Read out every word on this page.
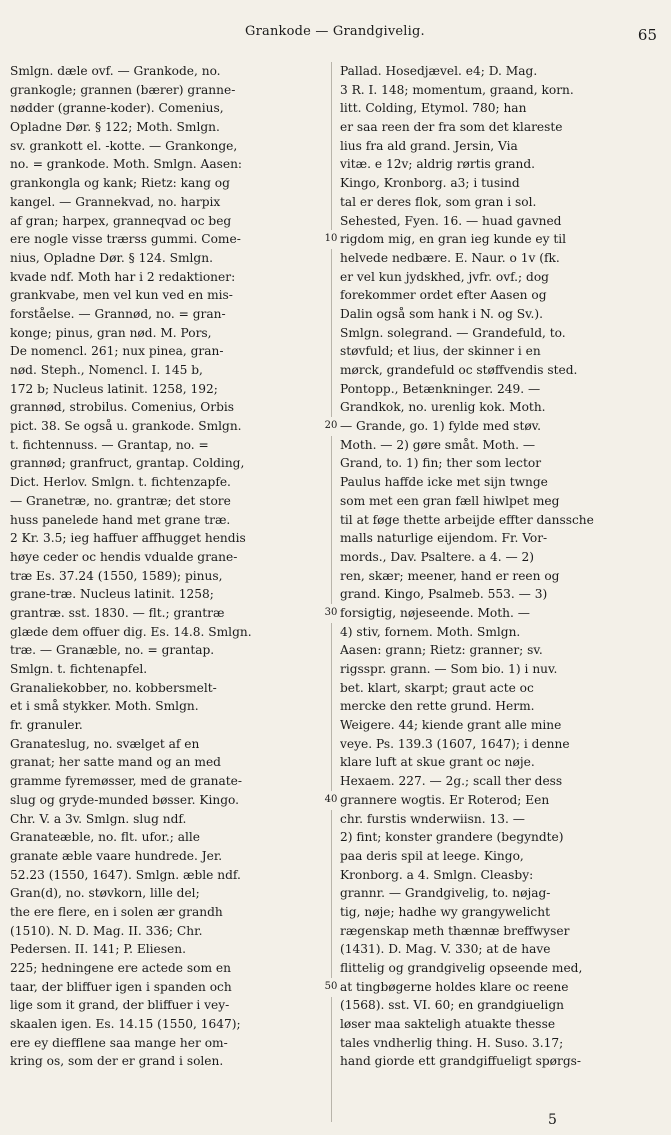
Grankode — Grandgivelig.	65
Smlgn. dæle ovf. — Grankode, no.
grankogle; grannen (bærer) granne-
nødder (granne-koder). Comenius,
Opladne Dør. § 122; Moth. Smlgn.
sv. grankott el. -kotte. — Grankonge,
no. = grankode. Moth. Smlgn. Aasen:
grankongla og kank; Rietz: kang og
kangel. — Grannekvad, no. harpix
af gran; harpex, granneqvad oc beg
ere nogle visse trærss gummi. Come-
nius, Opladne Dør. § 124. Smlgn.
kvade ndf. Moth har i 2 redaktioner:
grankvabe, men vel kun ved en mis-
forståelse. — Grannød, no. = gran-
konge; pinus, gran nød. M. Pors,
De nomencl. 261; nux pinea, gran-
nød. Steph., Nomencl. I. 145 b,
172 b; Nucleus latinit. 1258, 192;
grannød, strobilus. Comenius, Orbis
pict. 38. Se også u. grankode. Smlgn.
t. fichtennuss. — Grantap, no. =
grannød; granfruct, grantap. Colding,
Dict. Herlov. Smlgn. t. fichtenzapfe.
— Granetræ, no. grantræ; det store
huss panelede hand met grane træ.
2 Kr. 3.5; ieg haffuer affhugget hendis
høye ceder oc hendis vdualde grane-
træ Es. 37.24 (1550, 1589); pinus,
grane-træ. Nucleus latinit. 1258;
grantræ. sst. 1830. — flt.; grantræ
glæde dem offuer dig. Es. 14.8. Smlgn.
træ. — Granæble, no. = grantap.
Smlgn. t. fichtenapfel.
Granaliekobber, no. kobbersmelt-
et i små stykker. Moth. Smlgn.
fr. granuler.
Granateslug, no. svælget af en
granat; her satte mand og an med
gramme fyremøsser, med de granate-
slug og gryde-munded bøsser. Kingo.
Chr. V. a 3v. Smlgn. slug ndf.
Granateæble, no. flt. ufor.; alle
granate æble vaare hundrede. Jer.
52.23 (1550, 1647). Smlgn. æble ndf.
Gran(d), no. støvkorn, lille del;
the ere flere, en i solen ær grandh
(1510). N. D. Mag. II. 336; Chr.
Pedersen. II. 141; P. Eliesen.
225; hedningene ere actede som en
taar, der bliffuer igen i spanden och
lige som it grand, der bliffuer i vey-
skaalen igen. Es. 14.15 (1550, 1647);
ere ey diefflene saa mange her om-
kring os, som der er grand i solen.
10
20
30
40
50
Pallad. Hosedjævel. e4; D. Mag.
3 R. I. 148; momentum, graand, korn.
litt. Colding, Etymol. 780; han
er saa reen der fra som det klareste
lius fra ald grand. Jersin, Via
vitæ. e 12v; aldrig rørtis grand.
Kingo, Kronborg. a3; i tusind
tal er deres flok, som gran i sol.
Sehested, Fyen. 16. — huad gavned
rigdom mig, en gran ieg kunde ey til
helvede nedbære. E. Naur. o 1v (fk.
er vel kun jydskhed, jvfr. ovf.; dog
forekommer ordet efter Aasen og
Dalin også som hank i N. og Sv.).
Smlgn. solegrand. — Grandefuld, to.
støvfuld; et lius, der skinner i en
mørck, grandefuld oc støffvendis sted.
Pontopp., Betænkninger. 249. —
Grandkok, no. urenlig kok. Moth.
— Grande, go. 1) fylde med støv.
Moth. — 2) gøre småt. Moth. —
Grand, to. 1) fin; ther som lector
Paulus haffde icke met sijn twnge
som met een gran fæll hiwlpet meg
til at føge thette arbeijde effter danssche
malls naturlige eijendom. Fr. Vor-
mords., Dav. Psaltere. a 4. — 2)
ren, skær; meener, hand er reen og
grand. Kingo, Psalmeb. 553. — 3)
forsigtig, nøjeseende. Moth. —
4) stiv, fornem. Moth. Smlgn.
Aasen: grann; Rietz: granner; sv.
rigsspr. grann. — Som bio. 1) i nuv.
bet. klart, skarpt; graut acte oc
mercke den rette grund. Herm.
Weigere. 44; kiende grant alle mine
veye. Ps. 139.3 (1607, 1647); i denne
klare luft at skue grant oc nøje.
Hexaem. 227. — 2g.; scall ther dess
grannere wogtis. Er Roterod; Een
chr. furstis wnderwiisn. 13. —
2) fint; konster grandere (begyndte)
paa deris spil at leege. Kingo,
Kronborg. a 4. Smlgn. Cleasby:
grannr. — Grandgivelig, to. nøjag-
tig, nøje; hadhe wy grangywelicht
rægenskap meth thænnæ breffwyser
(1431). D. Mag. V. 330; at de have
flittelig og grandgivelig opseende med,
at tingbøgerne holdes klare oc reene
(1568). sst. VI. 60; en grandgiuelign
løser maa sakteligh atuakte thesse
tales vndherlig thing. H. Suso. 3.17;
hand giorde ett grandgiffueligt spørgs-
5
